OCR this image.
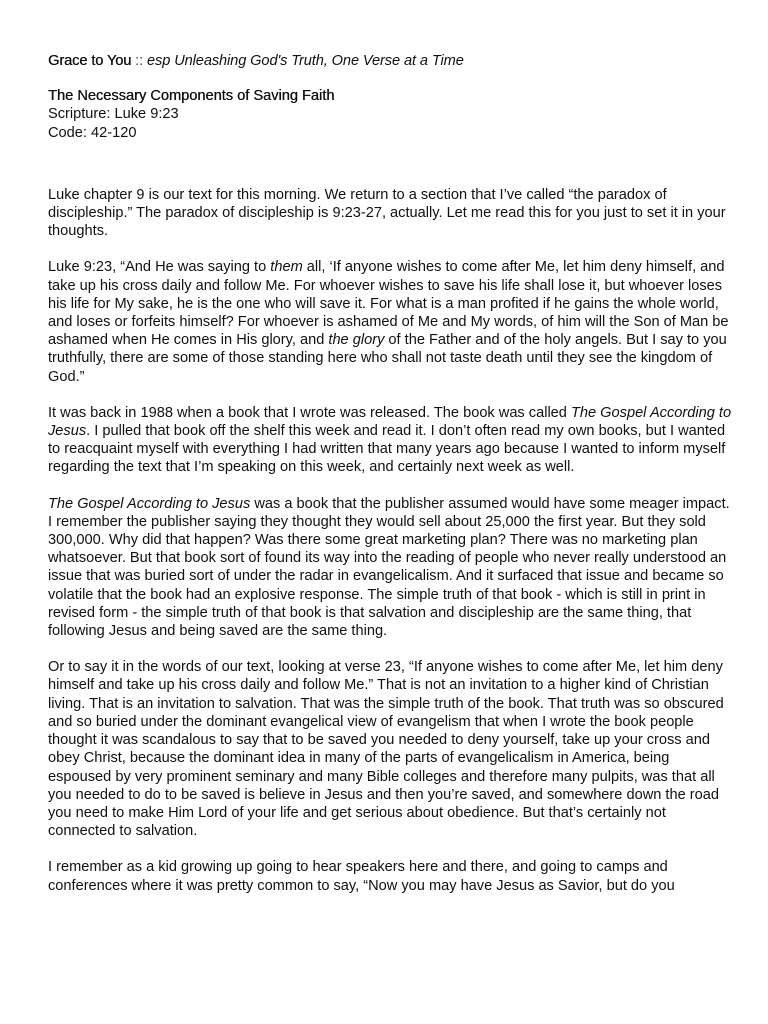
Grace to You :: esp Unleashing God's Truth, One Verse at a Time
The Necessary Components of Saving Faith
Scripture: Luke 9:23
Code: 42-120

Luke chapter 9 is our text for this morning. We return to a section that I’ve called “the paradox of discipleship.” The paradox of discipleship is 9:23-27, actually. Let me read this for you just to set it in your thoughts.

Luke 9:23, “And He was saying to them all, ‘If anyone wishes to come after Me, let him deny himself, and take up his cross daily and follow Me. For whoever wishes to save his life shall lose it, but whoever loses his life for My sake, he is the one who will save it. For what is a man profited if he gains the whole world, and loses or forfeits himself? For whoever is ashamed of Me and My words, of him will the Son of Man be ashamed when He comes in His glory, and the glory of the Father and of the holy angels. But I say to you truthfully, there are some of those standing here who shall not taste death until they see the kingdom of God.”

It was back in 1988 when a book that I wrote was released. The book was called The Gospel According to Jesus. I pulled that book off the shelf this week and read it. I don’t often read my own books, but I wanted to reacquaint myself with everything I had written that many years ago because I wanted to inform myself regarding the text that I’m speaking on this week, and certainly next week as well.

The Gospel According to Jesus was a book that the publisher assumed would have some meager impact. I remember the publisher saying they thought they would sell about 25,000 the first year. But they sold 300,000. Why did that happen? Was there some great marketing plan? There was no marketing plan whatsoever. But that book sort of found its way into the reading of people who never really understood an issue that was buried sort of under the radar in evangelicalism. And it surfaced that issue and became so volatile that the book had an explosive response. The simple truth of that book - which is still in print in revised form - the simple truth of that book is that salvation and discipleship are the same thing, that following Jesus and being saved are the same thing.

Or to say it in the words of our text, looking at verse 23, “If anyone wishes to come after Me, let him deny himself and take up his cross daily and follow Me.” That is not an invitation to a higher kind of Christian living. That is an invitation to salvation. That was the simple truth of the book. That truth was so obscured and so buried under the dominant evangelical view of evangelism that when I wrote the book people thought it was scandalous to say that to be saved you needed to deny yourself, take up your cross and obey Christ, because the dominant idea in many of the parts of evangelicalism in America, being espoused by very prominent seminary and many Bible colleges and therefore many pulpits, was that all you needed to do to be saved is believe in Jesus and then you’re saved, and somewhere down the road you need to make Him Lord of your life and get serious about obedience. But that’s certainly not connected to salvation.

I remember as a kid growing up going to hear speakers here and there, and going to camps and conferences where it was pretty common to say, “Now you may have Jesus as Savior, but do you
